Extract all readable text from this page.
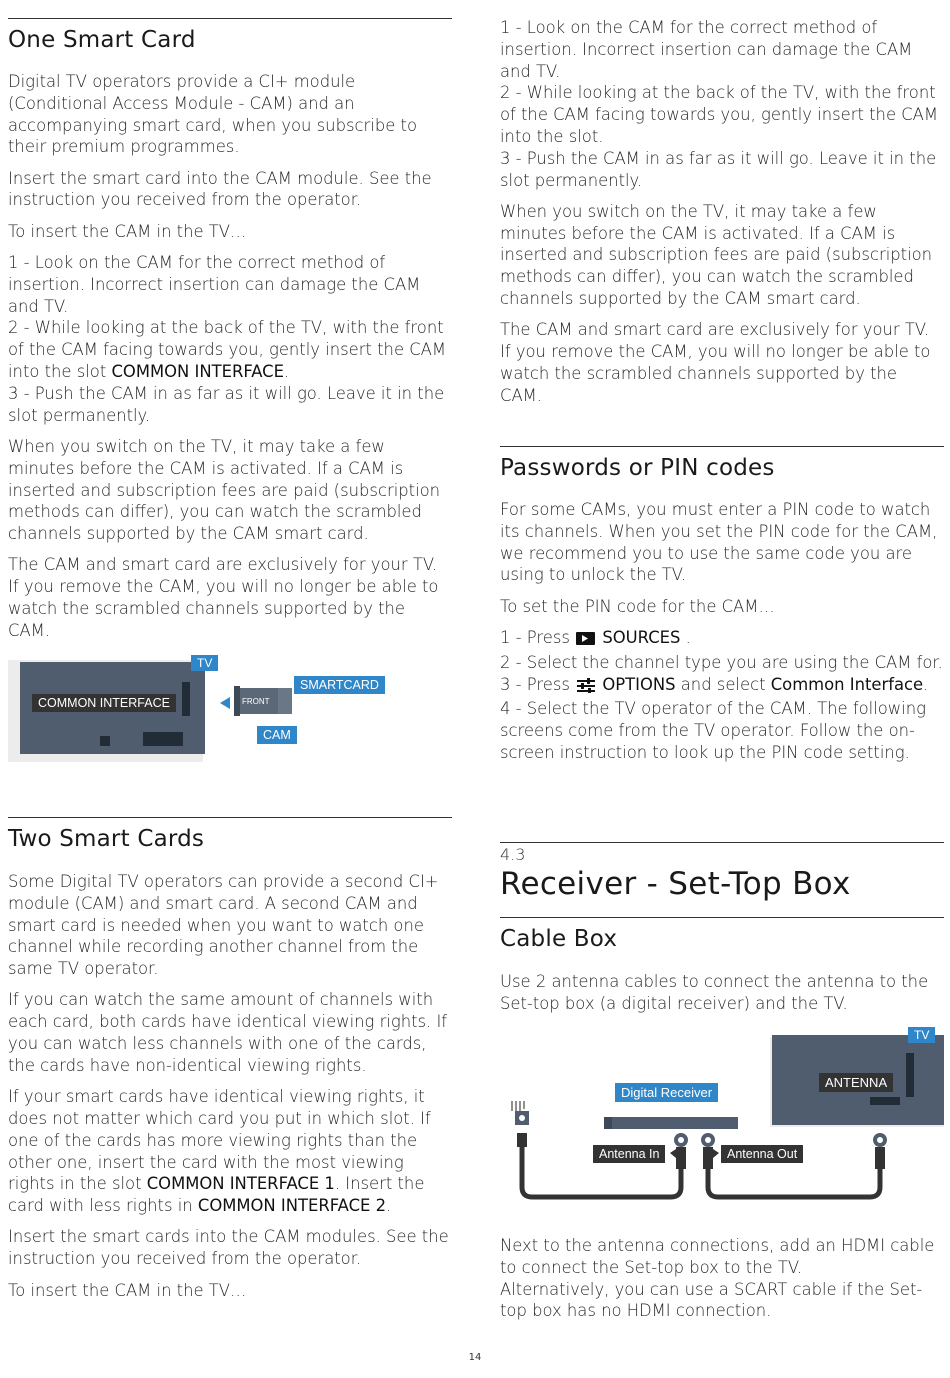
One Smart Card

Digital TV operators provide a CI+ module (Conditional Access Module - CAM) and an accompanying smart card, when you subscribe to their premium programmes.

Insert the smart card into the CAM module. See the instruction you received from the operator.

To insert the CAM in the TV…

1 - Look on the CAM for the correct method of insertion. Incorrect insertion can damage the CAM and TV.
2 - While looking at the back of the TV, with the front of the CAM facing towards you, gently insert the CAM into the slot COMMON INTERFACE.
3 - Push the CAM in as far as it will go. Leave it in the slot permanently.

When you switch on the TV, it may take a few minutes before the CAM is activated. If a CAM is inserted and subscription fees are paid (subscription methods can differ), you can watch the scrambled channels supported by the CAM smart card.

The CAM and smart card are exclusively for your TV. If you remove the CAM, you will no longer be able to watch the scrambled channels supported by the CAM.

TV
COMMON INTERFACE	FRONT
SMARTCARD
CAM
Two Smart Cards

Some Digital TV operators can provide a second CI+ module (CAM) and smart card. A second CAM and smart card is needed when you want to watch one channel while recording another channel from the same TV operator.

If you can watch the same amount of channels with each card, both cards have identical viewing rights. If you can watch less channels with one of the cards, the cards have non-identical viewing rights.

If your smart cards have identical viewing rights, it does not matter which card you put in which slot. If one of the cards has more viewing rights than the other one, insert the card with the most viewing rights in the slot COMMON INTERFACE 1. Insert the card with less rights in COMMON INTERFACE 2.

Insert the smart cards into the CAM modules. See the instruction you received from the operator.

To insert the CAM in the TV…

1 - Look on the CAM for the correct method of insertion. Incorrect insertion can damage the CAM and TV.
2 - While looking at the back of the TV, with the front of the CAM facing towards you, gently insert the CAM into the slot.
3 - Push the CAM in as far as it will go. Leave it in the slot permanently.

When you switch on the TV, it may take a few minutes before the CAM is activated. If a CAM is inserted and subscription fees are paid (subscription methods can differ), you can watch the scrambled channels supported by the CAM smart card.

The CAM and smart card are exclusively for your TV. If you remove the CAM, you will no longer be able to watch the scrambled channels supported by the CAM.

Passwords or PIN codes

For some CAMs, you must enter a PIN code to watch its channels. When you set the PIN code for the CAM, we recommend you to use the same code you are using to unlock the TV.

To set the PIN code for the CAM…

1 - Press  SOURCES .
2 - Select the channel type you are using the CAM for.
3 - Press  OPTIONS and select Common Interface.
4 - Select the TV operator of the CAM. The following screens come from the TV operator. Follow the on-screen instruction to look up the PIN code setting.
4.3
Receiver - Set-Top Box
Cable Box

Use 2 antenna cables to connect the antenna to the Set-top box (a digital receiver) and the TV.

TV
ANTENNA
Digital Receiver
Antenna In	Antenna Out

Next to the antenna connections, add an HDMI cable to connect the Set-top box to the TV.
Alternatively, you can use a SCART cable if the Set-top box has no HDMI connection.

14
